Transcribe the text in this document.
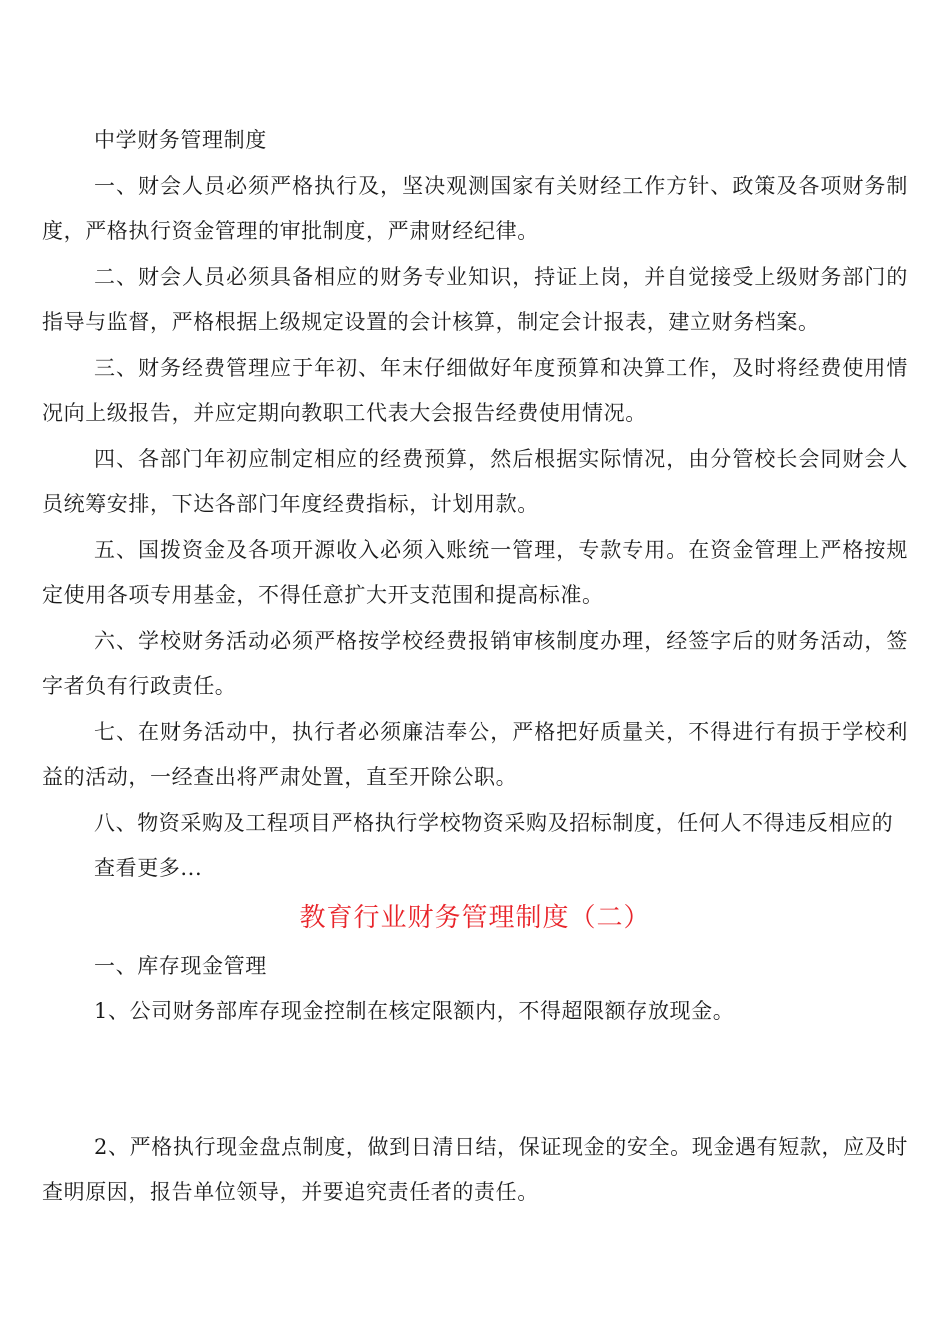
中学财务管理制度

一、财会人员必须严格执行及，坚决观测国家有关财经工作方针、政策及各项财务制度，严格执行资金管理的审批制度，严肃财经纪律。

二、财会人员必须具备相应的财务专业知识，持证上岗，并自觉接受上级财务部门的指导与监督，严格根据上级规定设置的会计核算，制定会计报表，建立财务档案。

三、财务经费管理应于年初、年末仔细做好年度预算和决算工作，及时将经费使用情况向上级报告，并应定期向教职工代表大会报告经费使用情况。

四、各部门年初应制定相应的经费预算，然后根据实际情况，由分管校长会同财会人员统筹安排，下达各部门年度经费指标，计划用款。

五、国拨资金及各项开源收入必须入账统一管理，专款专用。在资金管理上严格按规定使用各项专用基金，不得任意扩大开支范围和提高标准。

六、学校财务活动必须严格按学校经费报销审核制度办理，经签字后的财务活动，签字者负有行政责任。

七、在财务活动中，执行者必须廉洁奉公，严格把好质量关，不得进行有损于学校利益的活动，一经查出将严肃处置，直至开除公职。

八、物资采购及工程项目严格执行学校物资采购及招标制度，任何人不得违反相应的

查看更多...

教育行业财务管理制度（二）

一、库存现金管理

1、公司财务部库存现金控制在核定限额内，不得超限额存放现金。

2、严格执行现金盘点制度，做到日清日结，保证现金的安全。现金遇有短款，应及时查明原因，报告单位领导，并要追究责任者的责任。
